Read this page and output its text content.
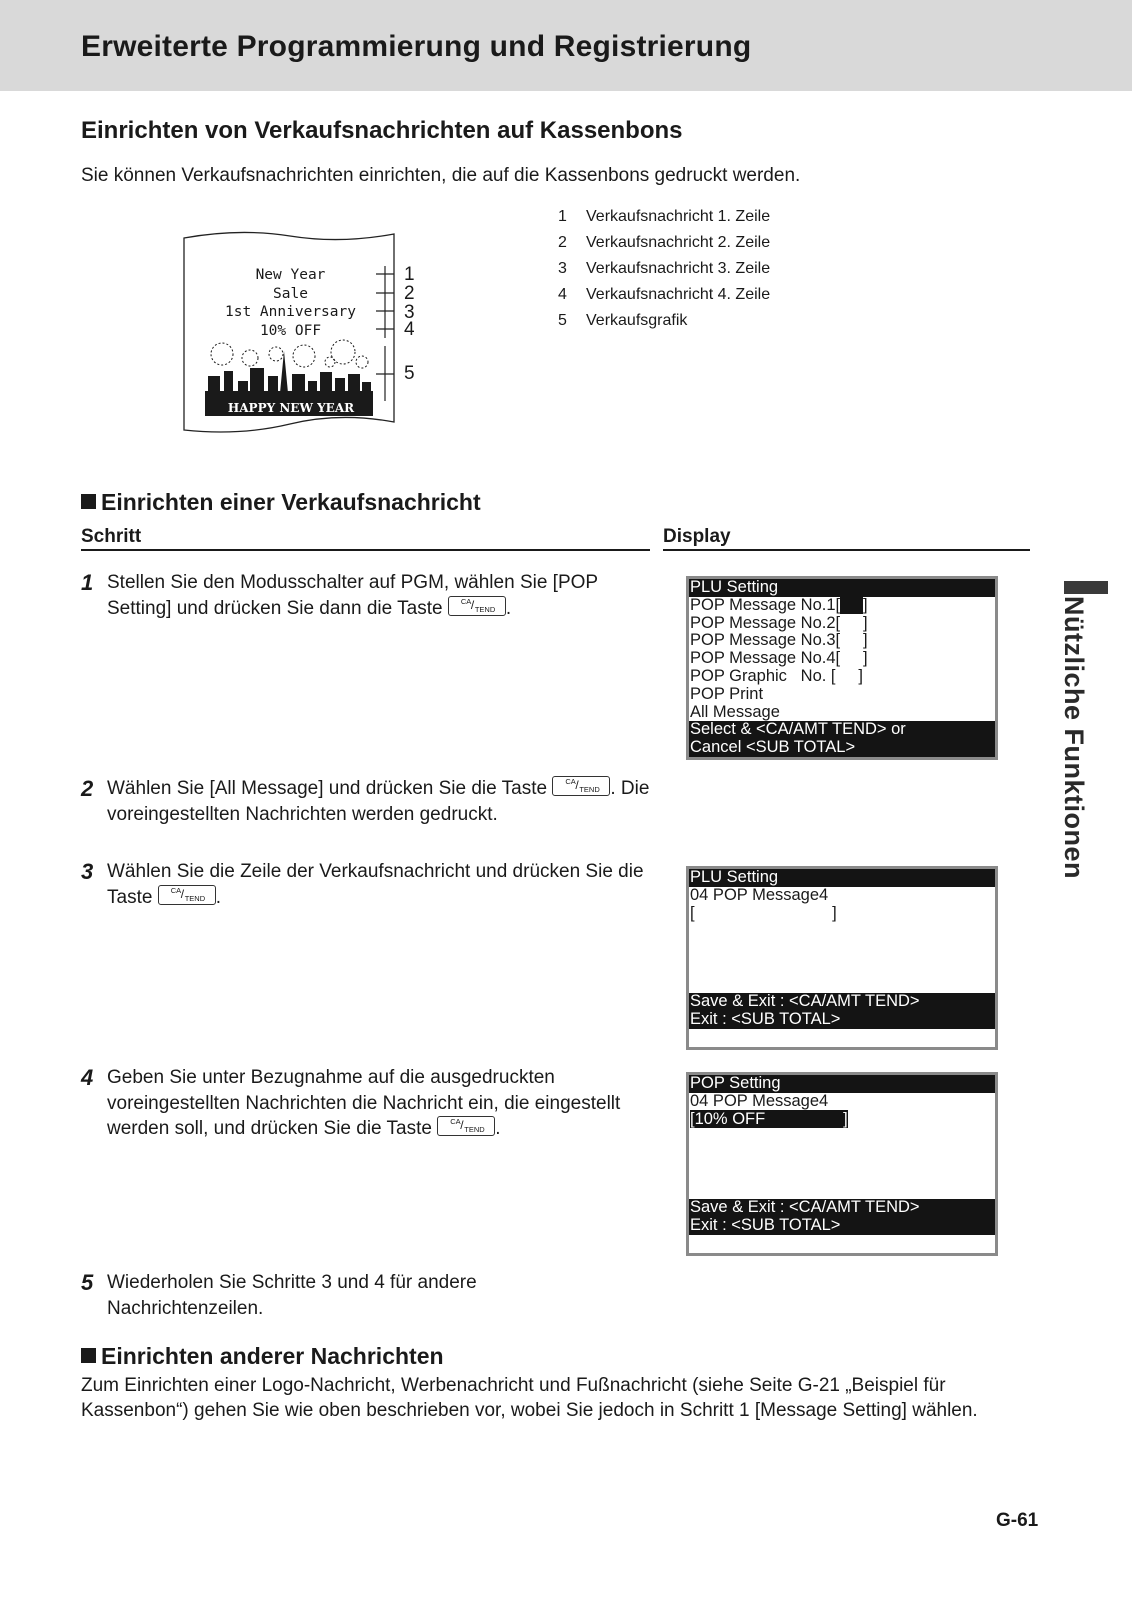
Erweiterte Programmierung und Registrierung
Einrichten von Verkaufsnachrichten auf Kassenbons
Sie können Verkaufsnachrichten einrichten, die auf die Kassenbons gedruckt werden.
New Year
Sale
1st Anniversary
10% OFF
HAPPY NEW YEAR
1
2
3
4
5
1 Verkaufsnachricht 1. Zeile
2 Verkaufsnachricht 2. Zeile
3 Verkaufsnachricht 3. Zeile
4 Verkaufsnachricht 4. Zeile
5 Verkaufsgrafik
Einrichten einer Verkaufsnachricht
Schritt	Display
1 Stellen Sie den Modusschalter auf PGM, wählen Sie [POP Setting] und drücken Sie dann die Taste CA / TEND .
2 Wählen Sie [All Message] und drücken Sie die Taste CA / TEND . Die voreingestellten Nachrichten werden gedruckt.
3 Wählen Sie die Zeile der Verkaufsnachricht und drücken Sie die Taste CA / TEND .
4 Geben Sie unter Bezugnahme auf die ausgedruckten voreingestellten Nachrichten die Nachricht ein, die eingestellt werden soll, und drücken Sie die Taste CA / TEND .
5 Wiederholen Sie Schritte 3 und 4 für andere Nachrichtenzeilen.
PLU Setting
POP Message No.1[ ]
POP Message No.2[     ]
POP Message No.3[     ]
POP Message No.4[     ]
POP Graphic   No. [     ]
POP Print
All Message
Select & <CA/AMT TEND> or
Cancel <SUB TOTAL>
PLU Setting
04 POP Message4
[                              ]
Save & Exit : <CA/AMT TEND>
Exit : <SUB TOTAL>
POP Setting
04 POP Message4
[10% OFF                 ]
Save & Exit : <CA/AMT TEND>
Exit : <SUB TOTAL>
Einrichten anderer Nachrichten
Zum Einrichten einer Logo-Nachricht, Werbenachricht und Fußnachricht (siehe Seite G-21 „Beispiel für Kassenbon“) gehen Sie wie oben beschrieben vor, wobei Sie jedoch in Schritt 1 [Message Setting] wählen.
Nützliche Funktionen
G-61
